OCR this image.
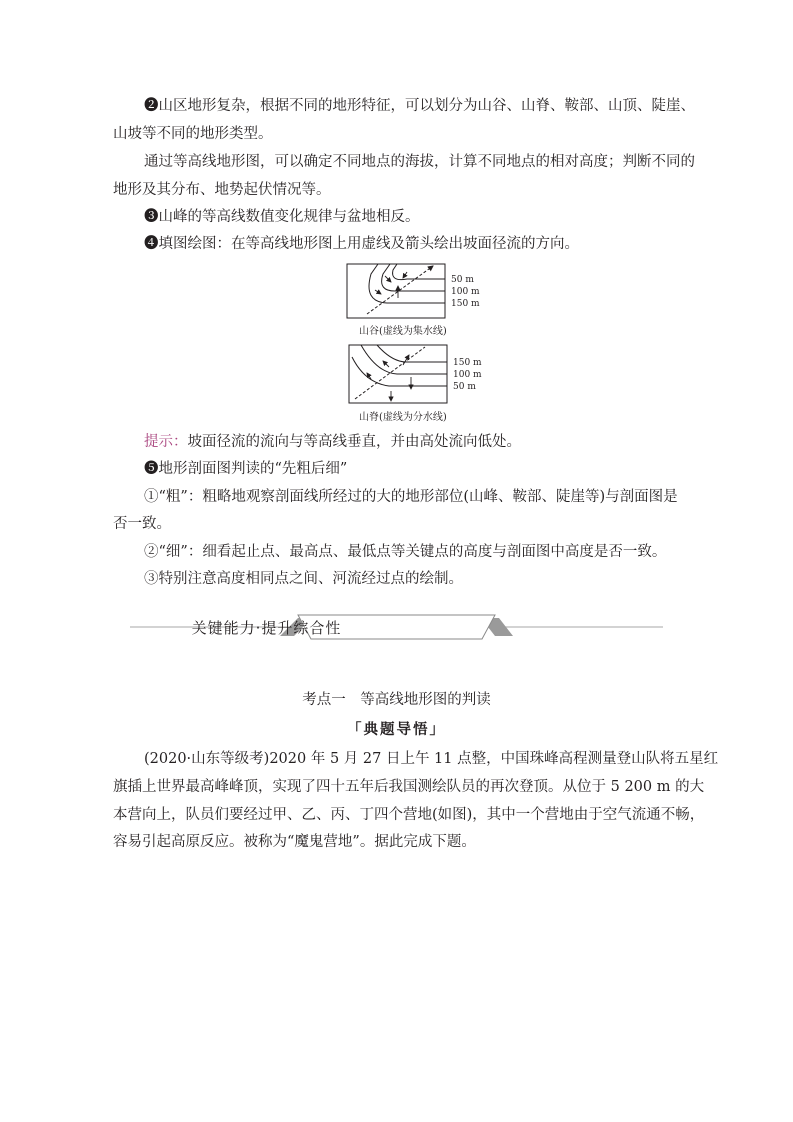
❷山区地形复杂，根据不同的地形特征，可以划分为山谷、山脊、鞍部、山顶、陡崖、
山坡等不同的地形类型。
通过等高线地形图，可以确定不同地点的海拔，计算不同地点的相对高度；判断不同的
地形及其分布、地势起伏情况等。
❸山峰的等高线数值变化规律与盆地相反。
❹填图绘图：在等高线地形图上用虚线及箭头绘出坡面径流的方向。
50 m
100 m
150 m
山谷(虚线为集水线)
150 m
100 m
50 m
山脊(虚线为分水线)
提示：坡面径流的流向与等高线垂直，并由高处流向低处。
❺地形剖面图判读的“先粗后细”
①“粗”：粗略地观察剖面线所经过的大的地形部位(山峰、鞍部、陡崖等)与剖面图是
否一致。
②“细”：细看起止点、最高点、最低点等关键点的高度与剖面图中高度是否一致。
③特别注意高度相同点之间、河流经过点的绘制。
关键能力·提升综合性
考点一　等高线地形图的判读
「典题导悟」
(2020·山东等级考)2020 年 5 月 27 日上午 11 点整，中国珠峰高程测量登山队将五星红
旗插上世界最高峰峰顶，实现了四十五年后我国测绘队员的再次登顶。从位于 5 200 m 的大
本营向上，队员们要经过甲、乙、丙、丁四个营地(如图)，其中一个营地由于空气流通不畅，
容易引起高原反应。被称为“魔鬼营地”。据此完成下题。
